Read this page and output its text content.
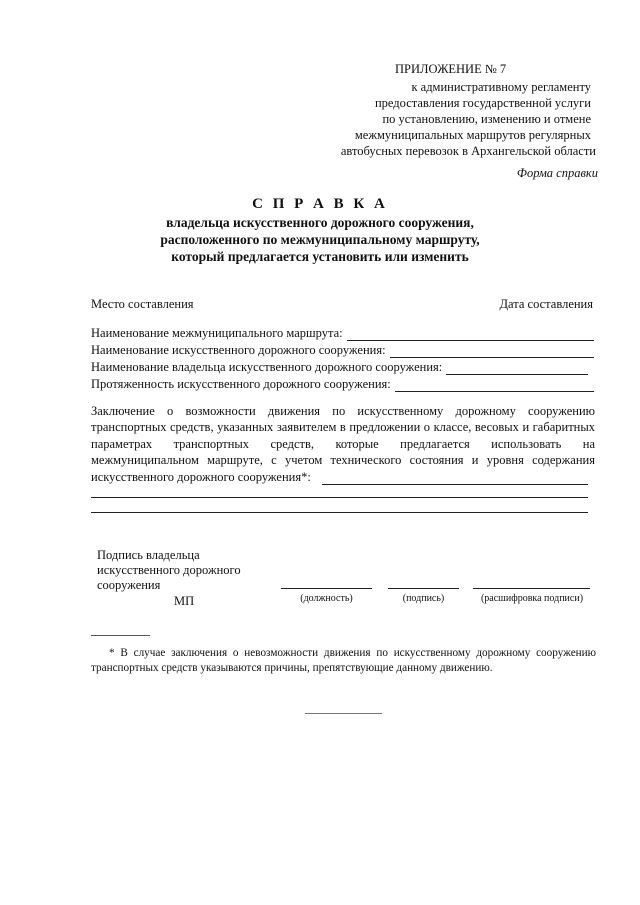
ПРИЛОЖЕНИЕ № 7
к административному регламенту
предоставления государственной услуги
по установлению, изменению и отмене
межмуниципальных маршрутов регулярных
автобусных перевозок в Архангельской области
Форма справки
С П Р А В К А
владельца искусственного дорожного сооружения,
расположенного по межмуниципальному маршруту,
который предлагается установить или изменить
Место составления	Дата составления
Наименование межмуниципального маршрута:
Наименование искусственного дорожного сооружения:
Наименование владельца искусственного дорожного сооружения:
Протяженность искусственного дорожного сооружения:
Заключение о возможности движения по искусственному дорожному сооружению транспортных средств, указанных заявителем в предложении о классе, весовых и габаритных параметрах транспортных средств, которые предлагается использовать на межмуниципальном маршруте, с учетом технического состояния и уровня содержания искусственного дорожного сооружения*:
Подпись владельца
искусственного дорожного
сооружения
МП	(должность)	(подпись)	(расшифровка подписи)
* В случае заключения о невозможности движения по искусственному дорожному сооружению транспортных средств указываются причины, препятствующие данному движению.
